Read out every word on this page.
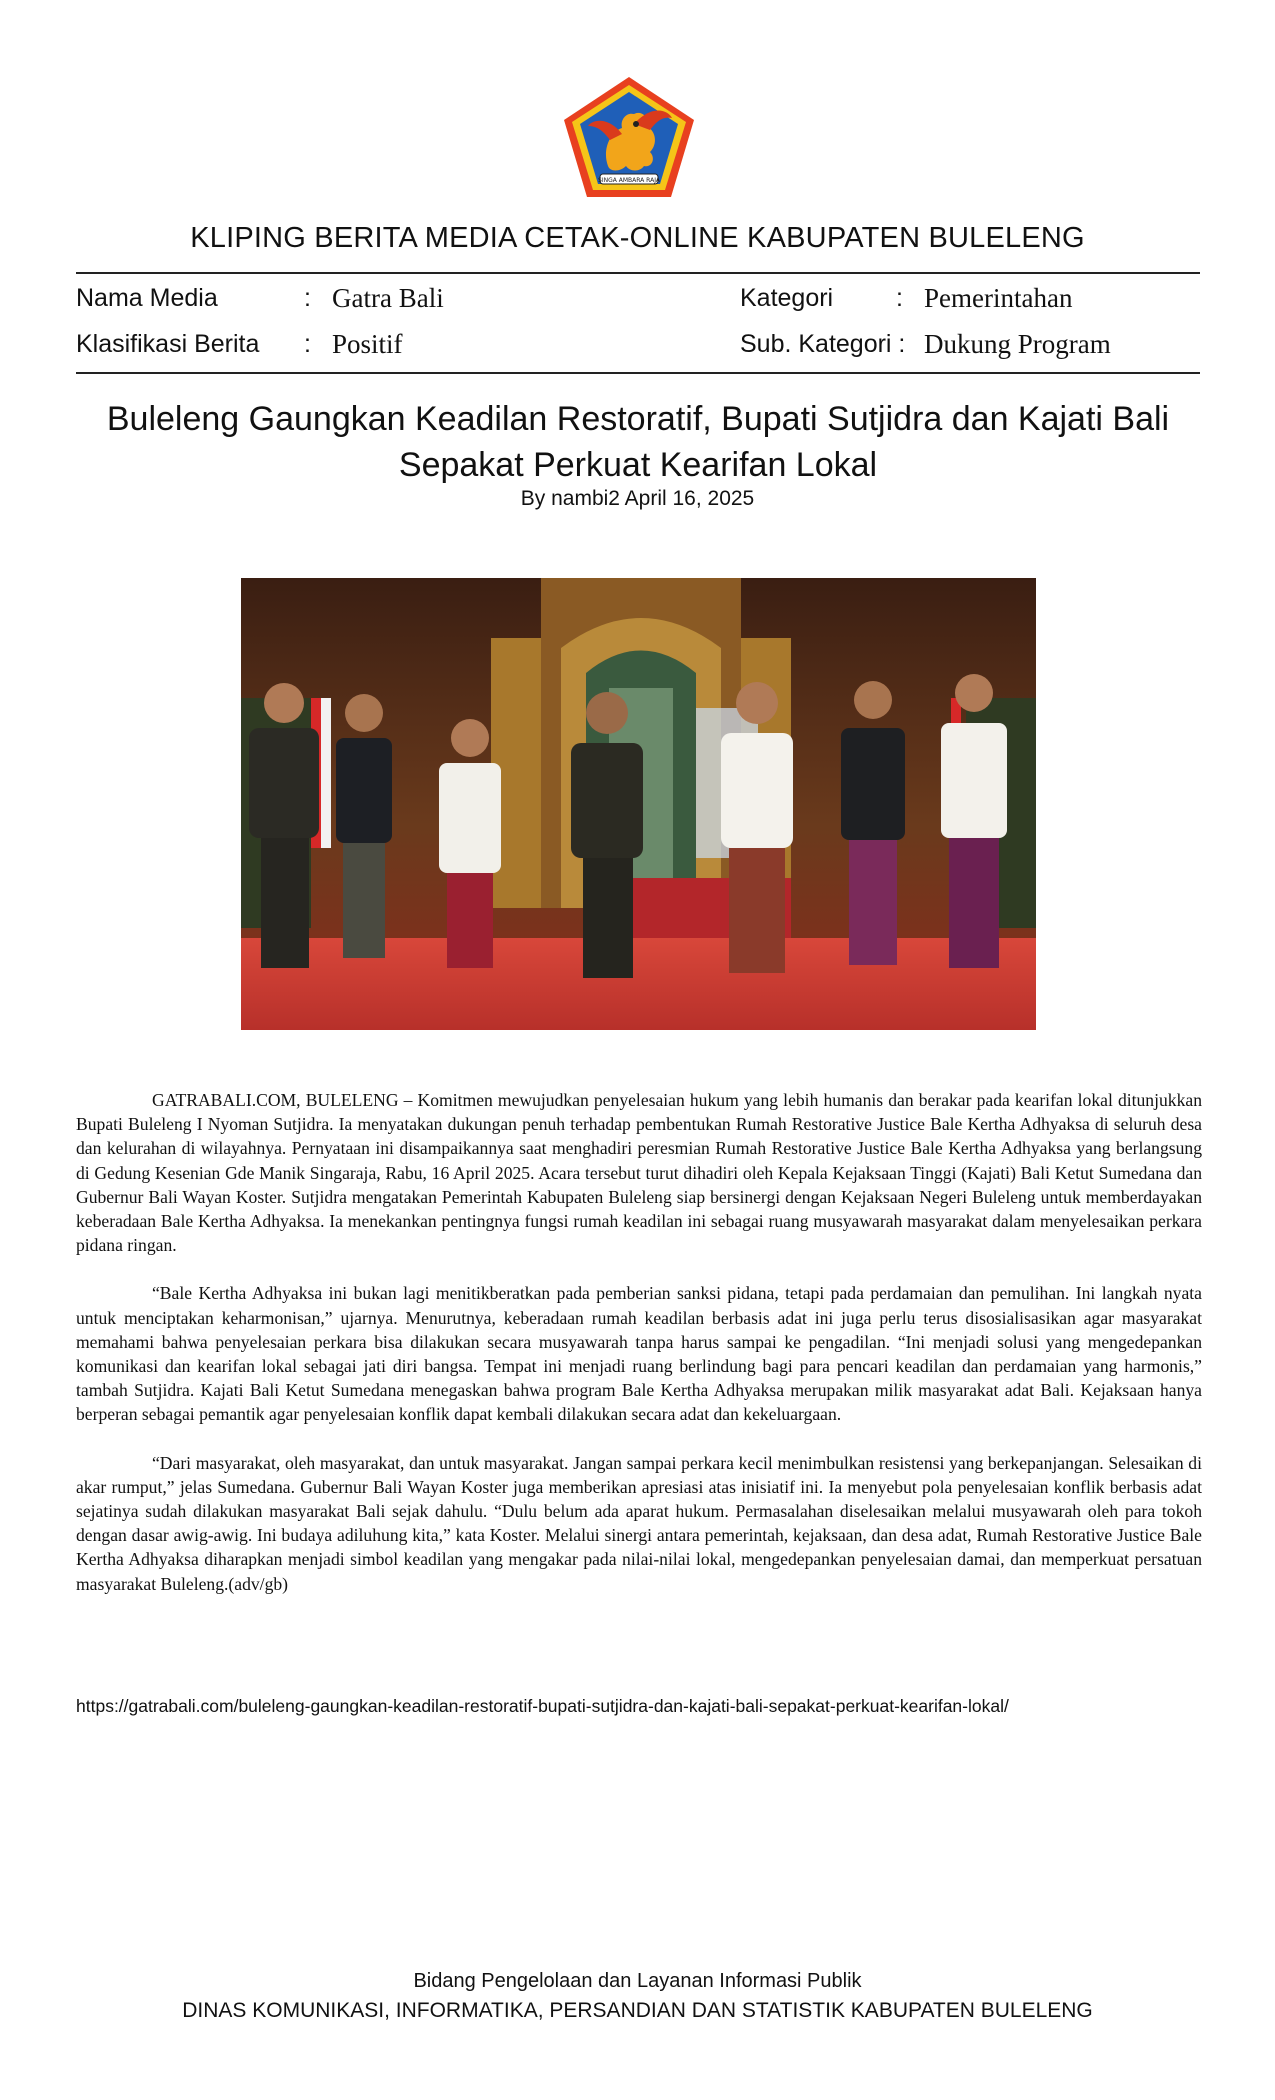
SINGA AMBARA RAJA
KLIPING BERITA MEDIA CETAK-ONLINE KABUPATEN BULELENG
Nama Media	: Gatra Bali
Klasifikasi Berita : Positif
Kategori	: Pemerintahan
Sub. Kategori : Dukung Program
Buleleng Gaungkan Keadilan Restoratif, Bupati Sutjidra dan Kajati Bali
Sepakat Perkuat Kearifan Lokal
By nambi2 April 16, 2025

GATRABALI.COM, BULELENG – Komitmen mewujudkan penyelesaian hukum yang lebih humanis dan berakar pada kearifan lokal ditunjukkan Bupati Buleleng I Nyoman Sutjidra. Ia menyatakan dukungan penuh terhadap pembentukan Rumah Restorative Justice Bale Kertha Adhyaksa di seluruh desa dan kelurahan di wilayahnya. Pernyataan ini disampaikannya saat menghadiri peresmian Rumah Restorative Justice Bale Kertha Adhyaksa yang berlangsung di Gedung Kesenian Gde Manik Singaraja, Rabu, 16 April 2025. Acara tersebut turut dihadiri oleh Kepala Kejaksaan Tinggi (Kajati) Bali Ketut Sumedana dan Gubernur Bali Wayan Koster. Sutjidra mengatakan Pemerintah Kabupaten Buleleng siap bersinergi dengan Kejaksaan Negeri Buleleng untuk memberdayakan keberadaan Bale Kertha Adhyaksa. Ia menekankan pentingnya fungsi rumah keadilan ini sebagai ruang musyawarah masyarakat dalam menyelesaikan perkara pidana ringan.

“Bale Kertha Adhyaksa ini bukan lagi menitikberatkan pada pemberian sanksi pidana, tetapi pada perdamaian dan pemulihan. Ini langkah nyata untuk menciptakan keharmonisan,” ujarnya. Menurutnya, keberadaan rumah keadilan berbasis adat ini juga perlu terus disosialisasikan agar masyarakat memahami bahwa penyelesaian perkara bisa dilakukan secara musyawarah tanpa harus sampai ke pengadilan. “Ini menjadi solusi yang mengedepankan komunikasi dan kearifan lokal sebagai jati diri bangsa. Tempat ini menjadi ruang berlindung bagi para pencari keadilan dan perdamaian yang harmonis,” tambah Sutjidra. Kajati Bali Ketut Sumedana menegaskan bahwa program Bale Kertha Adhyaksa merupakan milik masyarakat adat Bali. Kejaksaan hanya berperan sebagai pemantik agar penyelesaian konflik dapat kembali dilakukan secara adat dan kekeluargaan.

“Dari masyarakat, oleh masyarakat, dan untuk masyarakat. Jangan sampai perkara kecil menimbulkan resistensi yang berkepanjangan. Selesaikan di akar rumput,” jelas Sumedana. Gubernur Bali Wayan Koster juga memberikan apresiasi atas inisiatif ini. Ia menyebut pola penyelesaian konflik berbasis adat sejatinya sudah dilakukan masyarakat Bali sejak dahulu. “Dulu belum ada aparat hukum. Permasalahan diselesaikan melalui musyawarah oleh para tokoh dengan dasar awig-awig. Ini budaya adiluhung kita,” kata Koster. Melalui sinergi antara pemerintah, kejaksaan, dan desa adat, Rumah Restorative Justice Bale Kertha Adhyaksa diharapkan menjadi simbol keadilan yang mengakar pada nilai-nilai lokal, mengedepankan penyelesaian damai, dan memperkuat persatuan masyarakat Buleleng.(adv/gb)

https://gatrabali.com/buleleng-gaungkan-keadilan-restoratif-bupati-sutjidra-dan-kajati-bali-sepakat-perkuat-kearifan-lokal/
Bidang Pengelolaan dan Layanan Informasi Publik
DINAS KOMUNIKASI, INFORMATIKA, PERSANDIAN DAN STATISTIK KABUPATEN BULELENG
